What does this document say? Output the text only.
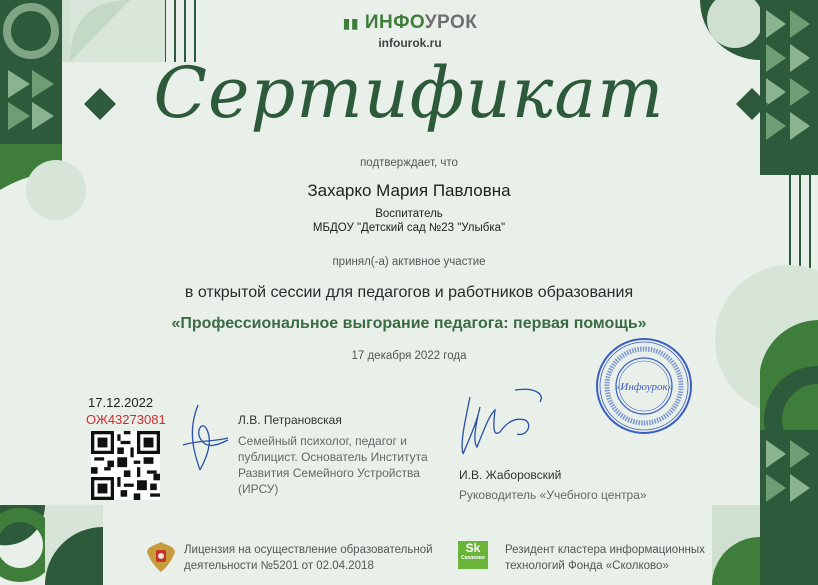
▮▮ ИНФОУРОК
infourok.ru
Сертификат
подтверждает, что
Захарко Мария Павловна
Воспитатель
МБДОУ "Детский сад №23 "Улыбка"
принял(-а) активное участие
в открытой сессии для педагогов и работников образования
«Профессиональное выгорание педагога: первая помощь»
17 декабря 2022 года
17.12.2022
ОЖ43273081	Л.В. Петрановская
Семейный психолог, педагог и публицист. Основатель Института Развития Семейного Устройства (ИРСУ)
И.В. Жаборовский
Руководитель «Учебного центра»
«Инфоурок»
Лицензия на осуществление образовательной деятельности №5201 от 02.04.2018
Sk
Сколково
Резидент кластера информационных технологий Фонда «Сколково»
